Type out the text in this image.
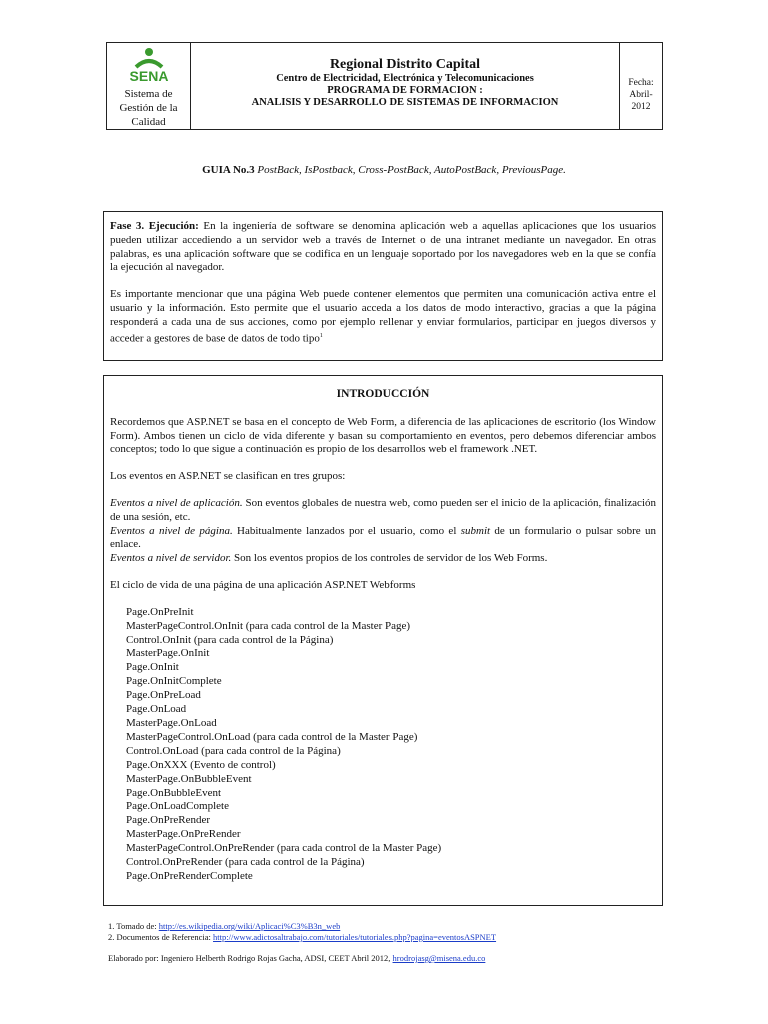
SENA
Sistema de
Gestión de la
Calidad
Regional Distrito Capital
Centro de Electricidad, Electrónica y Telecomunicaciones
PROGRAMA DE FORMACION :
ANALISIS Y DESARROLLO DE SISTEMAS DE INFORMACION
Fecha:
Abril-2012
GUIA No.3 PostBack, IsPostback, Cross-PostBack, AutoPostBack, PreviousPage.

Fase 3. Ejecución: En la ingeniería de software se denomina aplicación web a aquellas aplicaciones que los usuarios pueden utilizar accediendo a un servidor web a través de Internet o de una intranet mediante un navegador. En otras palabras, es una aplicación software que se codifica en un lenguaje soportado por los navegadores web en la que se confía la ejecución al navegador.

Es importante mencionar que una página Web puede contener elementos que permiten una comunicación activa entre el usuario y la información. Esto permite que el usuario acceda a los datos de modo interactivo, gracias a que la página responderá a cada una de sus acciones, como por ejemplo rellenar y enviar formularios, participar en juegos diversos y acceder a gestores de base de datos de todo tipo$^1$

INTRODUCCIÓN

Recordemos que ASP.NET se basa en el concepto de Web Form, a diferencia de las aplicaciones de escritorio (los Window Form). Ambos tienen un ciclo de vida diferente y basan su comportamiento en eventos, pero debemos diferenciar ambos conceptos; todo lo que sigue a continuación es propio de los desarrollos web el framework .NET.

Los eventos en ASP.NET se clasifican en tres grupos:

Eventos a nivel de aplicación. Son eventos globales de nuestra web, como pueden ser el inicio de la aplicación, finalización de una sesión, etc.

Eventos a nivel de página. Habitualmente lanzados por el usuario, como el submit de un formulario o pulsar sobre un enlace.

Eventos a nivel de servidor. Son los eventos propios de los controles de servidor de los Web Forms.

El ciclo de vida de una página de una aplicación ASP.NET Webforms

Page.OnPreInit
MasterPageControl.OnInit (para cada control de la Master Page)
Control.OnInit (para cada control de la Página)
MasterPage.OnInit
Page.OnInit
Page.OnInitComplete
Page.OnPreLoad
Page.OnLoad
MasterPage.OnLoad
MasterPageControl.OnLoad (para cada control de la Master Page)
Control.OnLoad (para cada control de la Página)
Page.OnXXX (Evento de control)
MasterPage.OnBubbleEvent
Page.OnBubbleEvent
Page.OnLoadComplete
Page.OnPreRender
MasterPage.OnPreRender
MasterPageControl.OnPreRender (para cada control de la Master Page)
Control.OnPreRender (para cada control de la Página)
Page.OnPreRenderComplete
1. Tomado de: http://es.wikipedia.org/wiki/Aplicaci%C3%B3n_web
2. Documentos de Referencia: http://www.adictosaltrabajo.com/tutoriales/tutoriales.php?pagina=eventosASPNET
Elaborado por: Ingeniero Helberth Rodrigo Rojas Gacha, ADSI, CEET Abril 2012, hrodrojasg@misena.edu.co
